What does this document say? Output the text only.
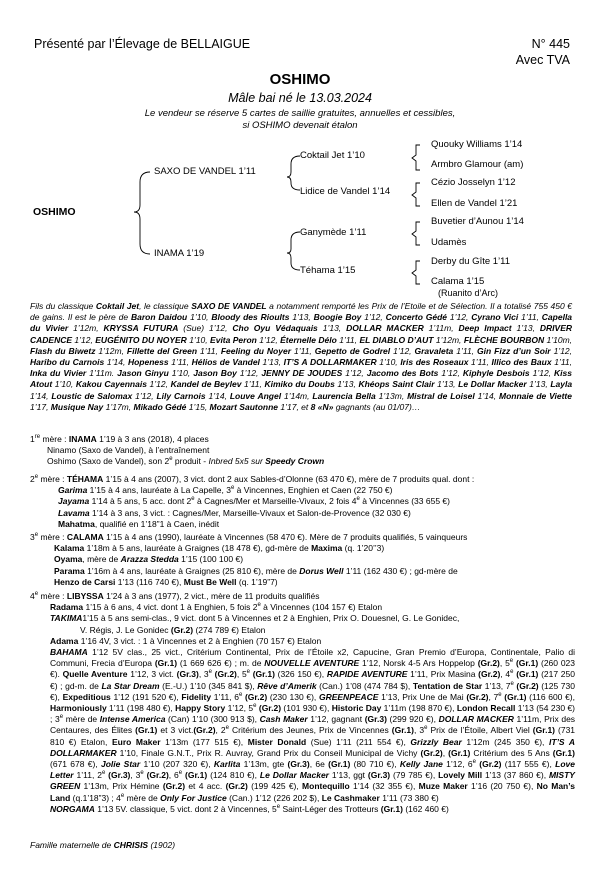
Présenté par l’Élevage de BELLAIGUE	N° 445
Avec TVA
OSHIMO
Mâle bai né le 13.03.2024
Le vendeur se réserve 5 cartes de saillie gratuites, annuelles et cessibles,
si OSHIMO devenait étalon
OSHIMO
SAXO DE VANDEL 1’11
INAMA 1’19
Coktail Jet 1’10
Lidice de Vandel 1’14
Ganymède 1’11
Téhama 1’15
Quouky Williams 1’14
Armbro Glamour (am)
Cézio Josselyn 1’12
Ellen de Vandel 1’21
Buvetier d’Aunou 1’14
Udamès
Derby du Gîte 1’11
Calama 1’15
(Ruanito d’Arc)

Fils du classique Coktail Jet, le classique SAXO DE VANDEL a notamment remporté les Prix de l’Etoile et de Sélection. Il a totalisé 755 450 € de gains. Il est le père de Baron Daidou 1’10, Bloody des Rioults 1’13, Boogie Boy 1’12, Concerto Gédé 1’12, Cyrano Vici 1’11, Capella du Vivier 1’12m, KRYSSA FUTURA (Sue) 1’12, Cho Oyu Védaquais 1’13, DOLLAR MACKER 1’11m, Deep Impact 1’13, DRIVER CADENCE 1’12, EUGÉNITO DU NOYER 1’10, Evita Peron 1’12, Éternelle Délo 1’11, EL DIABLO D’AUT 1’12m, FLÈCHE BOURBON 1’10m, Flash du Biwetz 1’12m, Fillette del Green 1’11, Feeling du Noyer 1’11, Gepetto de Godrel 1’12, Gravaleta 1’11, Gin Fizz d’un Soir 1’12, Haribo du Carnois 1’14, Hopeness 1’11, Hélios de Vandel 1’13, IT’S A DOLLARMAKER 1’10, Iris des Roseaux 1’11, Illico des Baux 1’11, Inka du Vivier 1’11m. Jason Ginyu 1’10, Jason Boy 1’12, JENNY DE JOUDES 1’12, Jacomo des Bots 1’12, Kiphyle Desbois 1’12, Kiss Atout 1’10, Kakou Cayennais 1’12, Kandel de Beylev 1’11, Kimiko du Doubs 1’13, Khéops Saint Clair 1’13, Le Dollar Macker 1’13, Layla 1’14, Loustic de Salomax 1’12, Lily Carnois 1’14, Louve Angel 1’14m, Laurencia Bella 1’13m, Mistral de Loisel 1’14, Monnaie de Viette 1’17, Musique Nay 1’17m, Mikado Gédé 1’15, Mozart Sautonne 1’17, et 8 «N» gagnants (au 01/07)…

1re mère : INAMA 1’19 à 3 ans (2018), 4 places
Ninamo (Saxo de Vandel), à l’entraînement
Oshimo (Saxo de Vandel), son 2e produit - Inbred 5x5 sur Speedy Crown
2e mère : TÉHAMA 1’15 à 4 ans (2007), 3 vict. dont 2 aux Sables-d’Olonne (63 470 €), mère de 7 produits qual. dont :
Garima 1’15 à 4 ans, lauréate à La Capelle, 3e à Vincennes, Enghien et Caen (22 750 €)
Jayama 1’14 à 5 ans, 5 acc. dont 2e à Cagnes/Mer et Marseille-Vivaux, 2 fois 4e à Vincennes (33 655 €)
Lavama 1’14 à 3 ans, 3 vict. : Cagnes/Mer, Marseille-Vivaux et Salon-de-Provence (32 030 €)
Mahatma, qualifié en 1’18”1 à Caen, inédit
3e mère : CALAMA 1’15 à 4 ans (1990), lauréate à Vincennes (58 470 €). Mère de 7 produits qualifiés, 5 vainqueurs
Kalama 1’18m à 5 ans, lauréate à Graignes (18 478 €), gd-mère de Maxima (q. 1’20’’3)
Oyama, mère de Arazza Stedda 1’15 (100 100 €)
Parama 1’16m à 4 ans, lauréate à Graignes (25 810 €), mère de Dorus Well 1’11 (162 430 €) ; gd-mère de
Henzo de Carsi 1’13 (116 740 €), Must Be Well (q. 1’19”7)
4e mère : LIBYSSA 1’24 à 3 ans (1977), 2 vict., mère de 11 produits qualifiés
Radama 1’15 à 6 ans, 4 vict. dont 1 à Enghien, 5 fois 2e à Vincennes (104 157 €) Etalon
TAKIMA1’15 à 5 ans semi-clas., 9 vict. dont 5 à Vincennes et 2 à Enghien, Prix O. Douesnel, G. Le Gonidec,
V. Régis, J. Le Gonidec (Gr.2) (274 789 €) Etalon
Adama 1’16 4V, 3 vict. : 1 à Vincennes et 2 à Enghien (70 157 €) Etalon
BAHAMA 1’12 5V clas., 25 vict., Critérium Continental, Prix de l’Étoile x2, Capucine, Gran Premio d’Europa, Continentale, Palio di Communi, Frecia d’Europa (Gr.1) (1 669 626 €) ; m. de NOUVELLE AVENTURE 1’12, Norsk 4-5 Ars Hoppelop (Gr.2), 5e (Gr.1) (260 023 €). Quelle Aventure 1’12, 3 vict. (Gr.3), 3e (Gr.2), 5e (Gr.1) (326 150 €), RAPIDE AVENTURE 1’11, Prix Masina (Gr.2), 4e (Gr.1) (217 250 €) ; gd-m. de La Star Dream (E.-U.) 1’10 (345 841 $), Rêve d’Amerik (Can.) 1’08 (474 784 $), Tentation de Star 1’13, 7e (Gr.2) (125 730 €), Expeditious 1’12 (191 520 €), Fidelity 1’11, 6e (Gr.2) (230 130 €), GREENPEACE 1’13, Prix Une de Mai (Gr.2), 7e (Gr.1) (116 600 €), Harmoniously 1’11 (198 480 €), Happy Story 1’12, 5e (Gr.2) (101 930 €), Historic Day 1’11m (198 870 €), London Recall 1’13 (54 230 €) ; 3e mère de Intense America (Can) 1’10 (300 913 $), Cash Maker 1’12, gagnant (Gr.3) (299 920 €), DOLLAR MACKER 1’11m, Prix des Centaures, des Élites (Gr.1) et 3 vict.(Gr.2), 2e Critérium des Jeunes, Prix de Vincennes (Gr.1), 3e Prix de l’Étoile, Albert Viel (Gr.1) (731 810 €) Etalon, Euro Maker 1’13m (177 515 €), Mister Donald (Sue) 1’11 (211 554 €), Grizzly Bear 1’12m (245 350 €), IT’S A DOLLARMAKER 1’10, Finale G.N.T., Prix R. Auvray, Grand Prix du Conseil Municipal de Vichy (Gr.2), (Gr.1) Critérium des 5 Ans (Gr.1) (671 678 €), Jolie Star 1’10 (207 320 €), Karlita 1’13m, gte (Gr.3), 6e (Gr.1) (80 710 €), Kelly Jane 1’12, 6e (Gr.2) (117 555 €), Love Letter 1’11, 2e (Gr.3), 3e (Gr.2), 6e (Gr.1) (124 810 €), Le Dollar Macker 1’13, ggt (Gr.3) (79 785 €), Lovely Mill 1’13 (37 860 €), MISTY GREEN 1’13m, Prix Hémine (Gr.2) et 4 acc. (Gr.2) (199 425 €), Montequillo 1’14 (32 355 €), Muze Maker 1’16 (20 750 €), No Man’s Land (q.1’18”3) ; 4e mère de Only For Justice (Can.) 1’12 (226 202 $), Le Cashmaker 1’11 (73 380 €)
NORGAMA 1’13 5V. classique, 5 vict. dont 2 à Vincennes, 5e Saint-Léger des Trotteurs (Gr.1) (162 460 €)
Famille maternelle de CHRISIS (1902)
